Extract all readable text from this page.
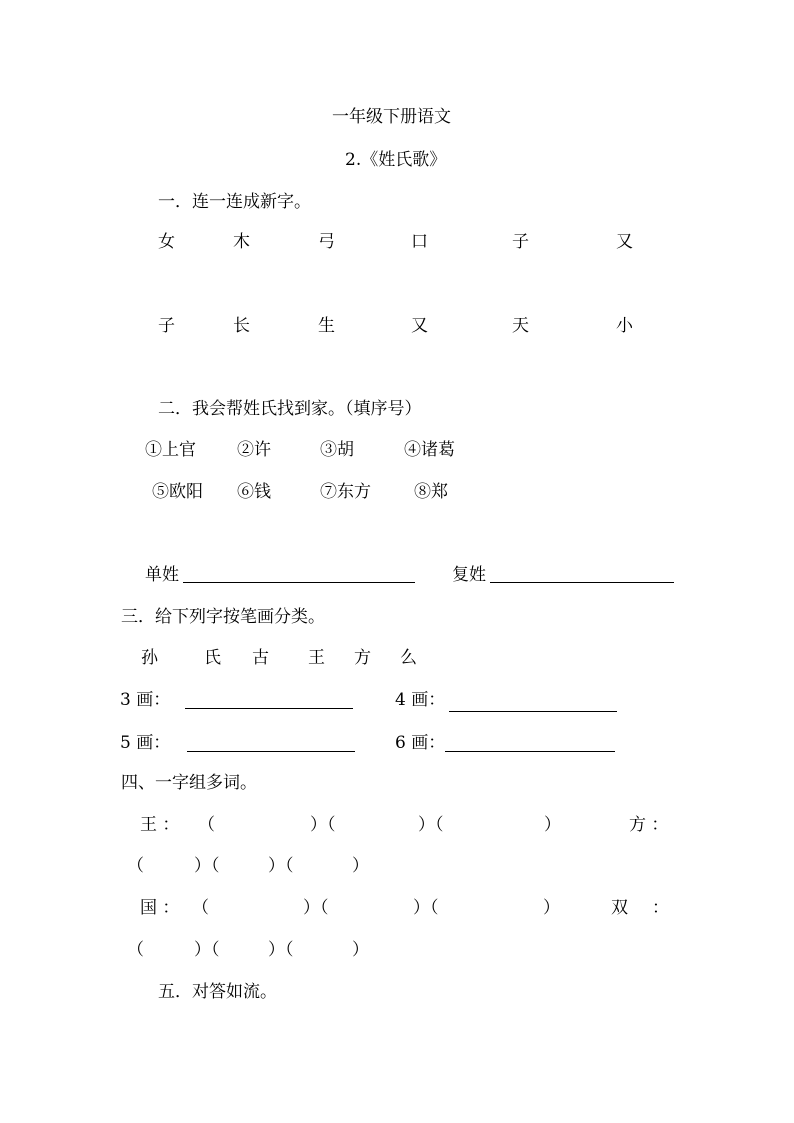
一年级下册语文
2.《姓氏歌》
一．连一连成新字。
女	木	弓	口	子	又
子	长	生	又	天	小
二．我会帮姓氏找到家。（填序号）
①上官 ②许	③胡	④诸葛
⑤欧阳 ⑥钱	⑦东方	⑧郑
单姓	复姓
三．给下列字按笔画分类。
孙	氏 古 王 方 么
3 画：	4 画：
5 画：	6 画：
四、一字组多词。
王 ： （	）（	）（	）	方 ：
（	）（	）（	）
国 ： （	）（	）（	）	双 ：
（	）（	）（	）
五．对答如流。
